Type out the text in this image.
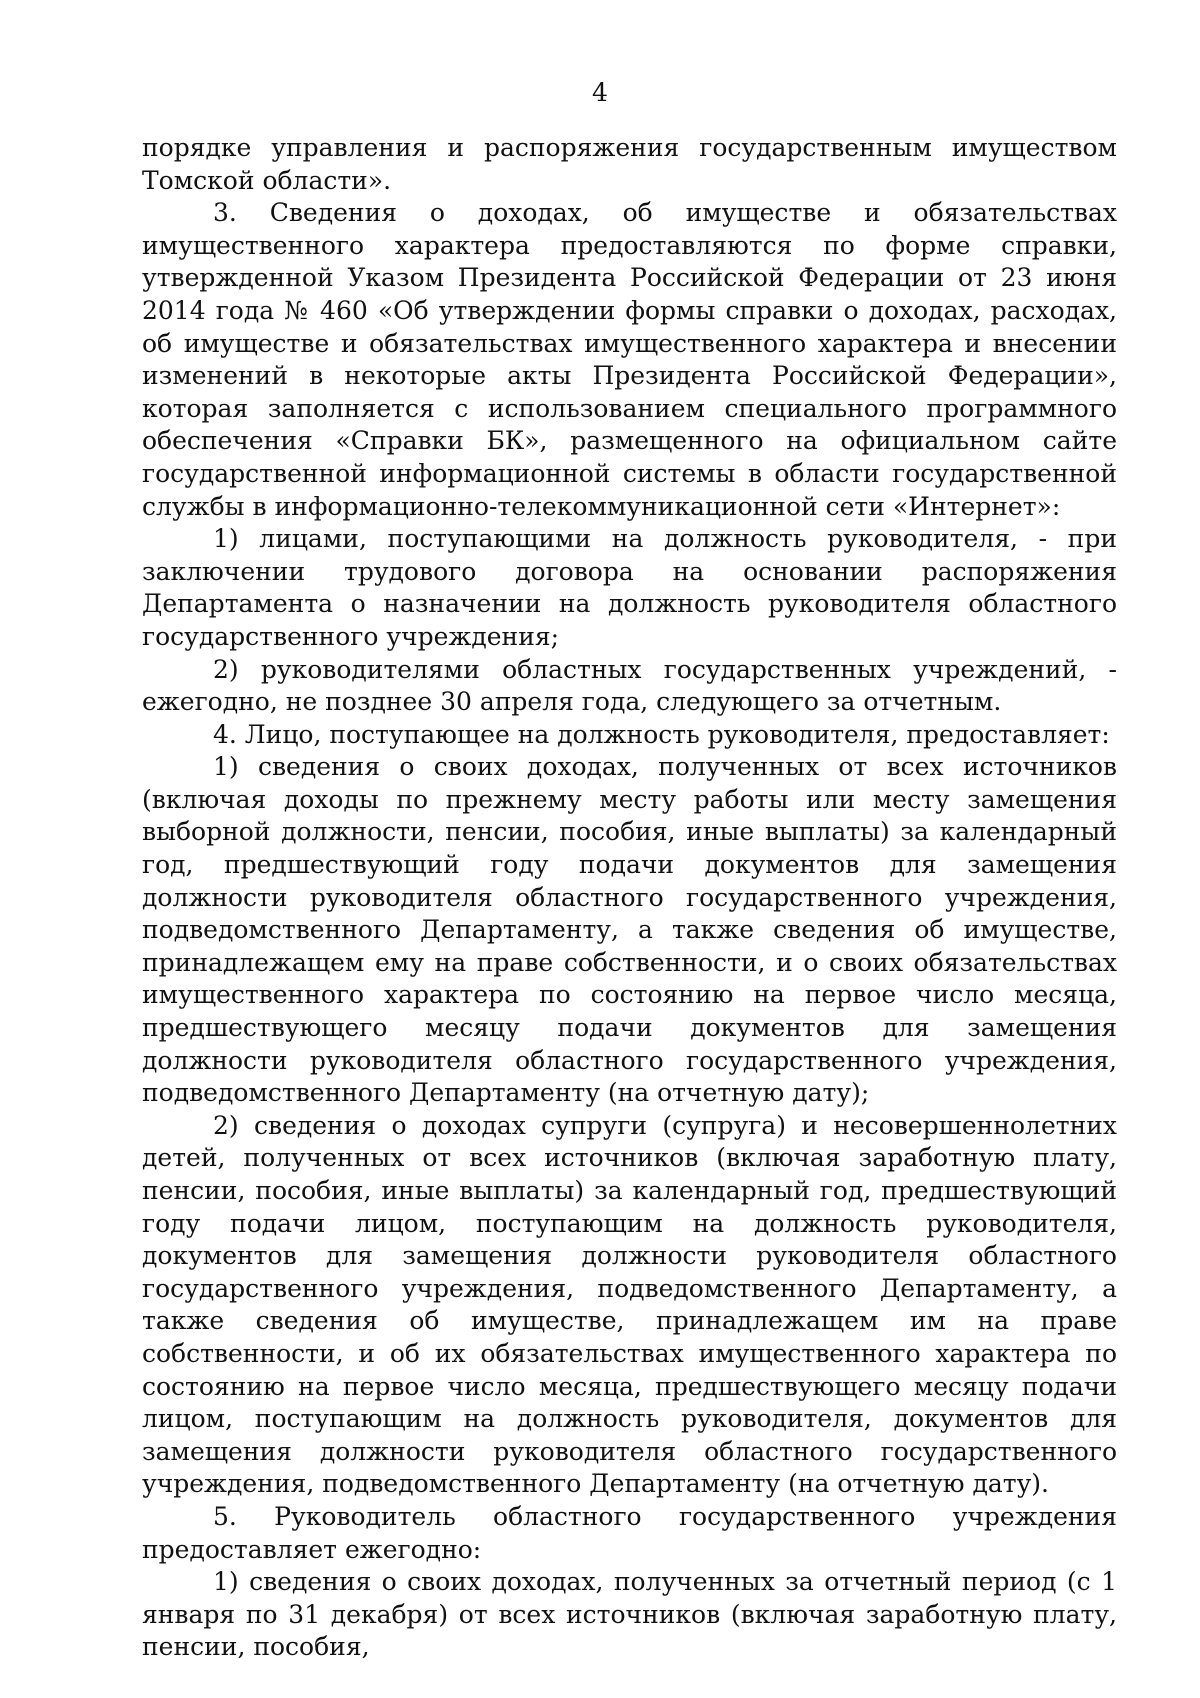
4

порядке управления и распоряжения государственным имуществом Томской области».

3. Сведения о доходах, об имуществе и обязательствах имущественного характера предоставляются по форме справки, утвержденной Указом Президента Российской Федерации от 23 июня 2014 года № 460 «Об утверждении формы справки о доходах, расходах, об имуществе и обязательствах имущественного характера и внесении изменений в некоторые акты Президента Российской Федерации», которая заполняется с использованием специального программного обеспечения «Справки БК», размещенного на официальном сайте государственной информационной системы в области государственной службы в информационно-телекоммуникационной сети «Интернет»:

1) лицами, поступающими на должность руководителя, - при заключении трудового договора на основании распоряжения Департамента о назначении на должность руководителя областного государственного учреждения;

2) руководителями областных государственных учреждений, - ежегодно, не позднее 30 апреля года, следующего за отчетным.

4. Лицо, поступающее на должность руководителя, предоставляет:

1) сведения о своих доходах, полученных от всех источников (включая доходы по прежнему месту работы или месту замещения выборной должности, пенсии, пособия, иные выплаты) за календарный год, предшествующий году подачи документов для замещения должности руководителя областного государственного учреждения, подведомственного Департаменту, а также сведения об имуществе, принадлежащем ему на праве собственности, и о своих обязательствах имущественного характера по состоянию на первое число месяца, предшествующего месяцу подачи документов для замещения должности руководителя областного государственного учреждения, подведомственного Департаменту (на отчетную дату);

2) сведения о доходах супруги (супруга) и несовершеннолетних детей, полученных от всех источников (включая заработную плату, пенсии, пособия, иные выплаты) за календарный год, предшествующий году подачи лицом, поступающим на должность руководителя, документов для замещения должности руководителя областного государственного учреждения, подведомственного Департаменту, а также сведения об имуществе, принадлежащем им на праве собственности, и об их обязательствах имущественного характера по состоянию на первое число месяца, предшествующего месяцу подачи лицом, поступающим на должность руководителя, документов для замещения должности руководителя областного государственного учреждения, подведомственного Департаменту (на отчетную дату).

5. Руководитель областного государственного учреждения предоставляет ежегодно:

1) сведения о своих доходах, полученных за отчетный период (с 1 января по 31 декабря) от всех источников (включая заработную плату, пенсии, пособия,
